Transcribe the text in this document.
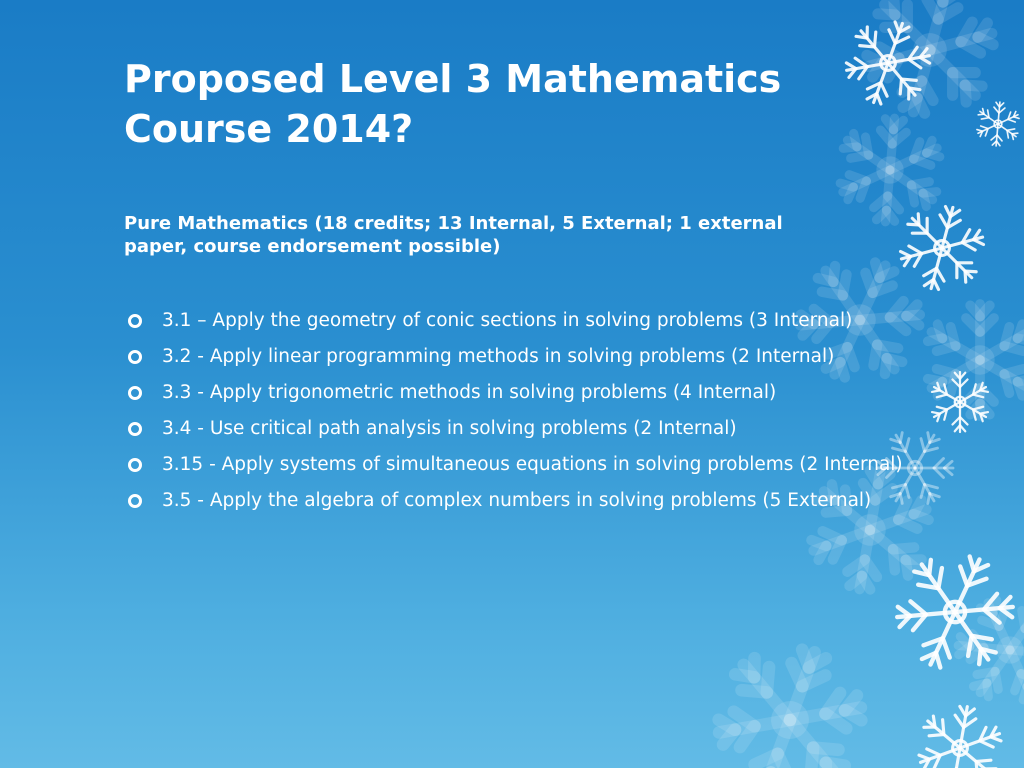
Proposed Level 3 Mathematics Course 2014?

Pure Mathematics (18 credits; 13 Internal, 5 External; 1 external paper, course endorsement possible)

3.1 – Apply the geometry of conic sections in solving problems (3 Internal)
3.2 - Apply linear programming methods in solving problems (2 Internal)
3.3 - Apply trigonometric methods in solving problems (4 Internal)
3.4 - Use critical path analysis in solving problems (2 Internal)
3.15 - Apply systems of simultaneous equations in solving problems (2 Internal)
3.5 - Apply the algebra of complex numbers in solving problems (5 External)
